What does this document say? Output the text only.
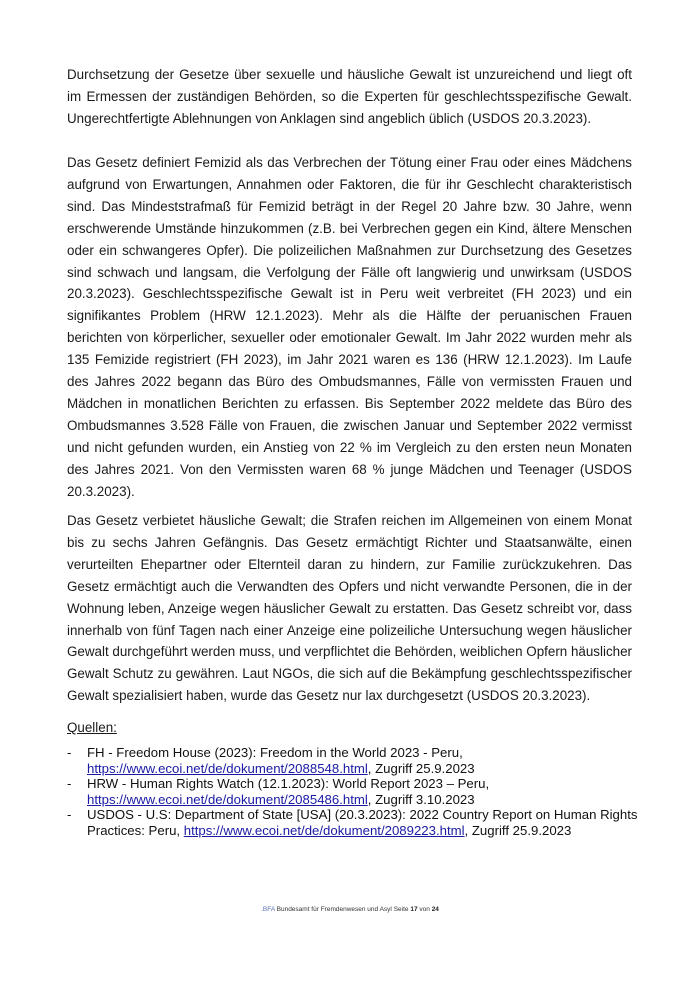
Durchsetzung der Gesetze über sexuelle und häusliche Gewalt ist unzureichend und liegt oft im Ermessen der zuständigen Behörden, so die Experten für geschlechtsspezifische Gewalt. Ungerechtfertigte Ablehnungen von Anklagen sind angeblich üblich (USDOS 20.3.2023).

Das Gesetz definiert Femizid als das Verbrechen der Tötung einer Frau oder eines Mädchens aufgrund von Erwartungen, Annahmen oder Faktoren, die für ihr Geschlecht charakteristisch sind. Das Mindeststrafmaß für Femizid beträgt in der Regel 20 Jahre bzw. 30 Jahre, wenn erschwerende Umstände hinzukommen (z.B. bei Verbrechen gegen ein Kind, ältere Menschen oder ein schwangeres Opfer). Die polizeilichen Maßnahmen zur Durchsetzung des Gesetzes sind schwach und langsam, die Verfolgung der Fälle oft langwierig und unwirksam (USDOS 20.3.2023). Geschlechtsspezifische Gewalt ist in Peru weit verbreitet (FH 2023) und ein signifikantes Problem (HRW 12.1.2023). Mehr als die Hälfte der peruanischen Frauen berichten von körperlicher, sexueller oder emotionaler Gewalt. Im Jahr 2022 wurden mehr als 135 Femizide registriert (FH 2023), im Jahr 2021 waren es 136 (HRW 12.1.2023). Im Laufe des Jahres 2022 begann das Büro des Ombudsmannes, Fälle von vermissten Frauen und Mädchen in monatlichen Berichten zu erfassen. Bis September 2022 meldete das Büro des Ombudsmannes 3.528 Fälle von Frauen, die zwischen Januar und September 2022 vermisst und nicht gefunden wurden, ein Anstieg von 22 % im Vergleich zu den ersten neun Monaten des Jahres 2021. Von den Vermissten waren 68 % junge Mädchen und Teenager (USDOS 20.3.2023).

Das Gesetz verbietet häusliche Gewalt; die Strafen reichen im Allgemeinen von einem Monat bis zu sechs Jahren Gefängnis. Das Gesetz ermächtigt Richter und Staatsanwälte, einen verurteilten Ehepartner oder Elternteil daran zu hindern, zur Familie zurückzukehren. Das Gesetz ermächtigt auch die Verwandten des Opfers und nicht verwandte Personen, die in der Wohnung leben, Anzeige wegen häuslicher Gewalt zu erstatten. Das Gesetz schreibt vor, dass innerhalb von fünf Tagen nach einer Anzeige eine polizeiliche Untersuchung wegen häuslicher Gewalt durchgeführt werden muss, und verpflichtet die Behörden, weiblichen Opfern häuslicher Gewalt Schutz zu gewähren. Laut NGOs, die sich auf die Bekämpfung geschlechtsspezifischer Gewalt spezialisiert haben, wurde das Gesetz nur lax durchgesetzt (USDOS 20.3.2023).

Quellen:

- FH - Freedom House (2023): Freedom in the World 2023 - Peru,
https://www.ecoi.net/de/dokument/2088548.html, Zugriff 25.9.2023
- HRW - Human Rights Watch (12.1.2023): World Report 2023 – Peru,
https://www.ecoi.net/de/dokument/2085486.html, Zugriff 3.10.2023
- USDOS - U.S: Department of State [USA] (20.3.2023): 2022 Country Report on Human Rights Practices: Peru, https://www.ecoi.net/de/dokument/2089223.html, Zugriff 25.9.2023
.BFA Bundesamt für Fremdenwesen und Asyl Seite 17 von 24
